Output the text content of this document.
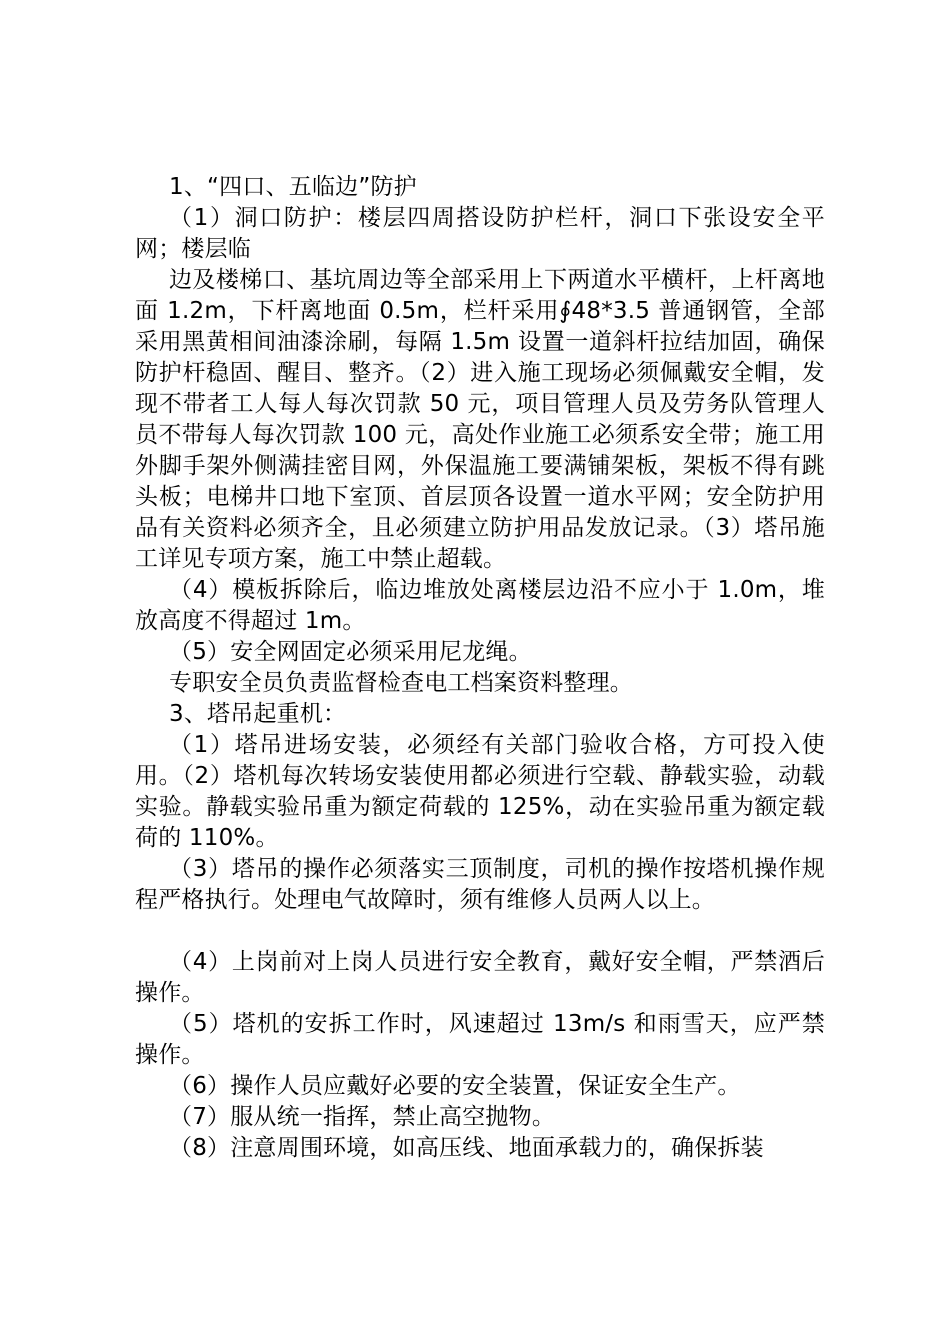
1、“四口、五临边”防护

（1）洞口防护：楼层四周搭设防护栏杆，洞口下张设安全平网；楼层临

边及楼梯口、基坑周边等全部采用上下两道水平横杆，上杆离地面 1.2m，下杆离地面 0.5m，栏杆采用∮48*3.5 普通钢管，全部采用黑黄相间油漆涂刷，每隔 1.5m 设置一道斜杆拉结加固，确保防护杆稳固、醒目、整齐。（2）进入施工现场必须佩戴安全帽，发现不带者工人每人每次罚款 50 元，项目管理人员及劳务队管理人员不带每人每次罚款 100 元，高处作业施工必须系安全带；施工用外脚手架外侧满挂密目网，外保温施工要满铺架板，架板不得有跳头板；电梯井口地下室顶、首层顶各设置一道水平网；安全防护用品有关资料必须齐全，且必须建立防护用品发放记录。（3）塔吊施工详见专项方案，施工中禁止超载。

（4）模板拆除后，临边堆放处离楼层边沿不应小于 1.0m，堆放高度不得超过 1m。

（5）安全网固定必须采用尼龙绳。

专职安全员负责监督检查电工档案资料整理。

3、塔吊起重机：

（1）塔吊进场安装，必须经有关部门验收合格，方可投入使用。（2）塔机每次转场安装使用都必须进行空载、静载实验，动载实验。静载实验吊重为额定荷载的 125%，动在实验吊重为额定载荷的 110%。

（3）塔吊的操作必须落实三顶制度，司机的操作按塔机操作规程严格执行。处理电气故障时，须有维修人员两人以上。

（4）上岗前对上岗人员进行安全教育，戴好安全帽，严禁酒后操作。

（5）塔机的安拆工作时，风速超过 13m/s 和雨雪天，应严禁操作。

（6）操作人员应戴好必要的安全装置，保证安全生产。

（7）服从统一指挥，禁止高空抛物。

（8）注意周围环境，如高压线、地面承载力的，确保拆装
